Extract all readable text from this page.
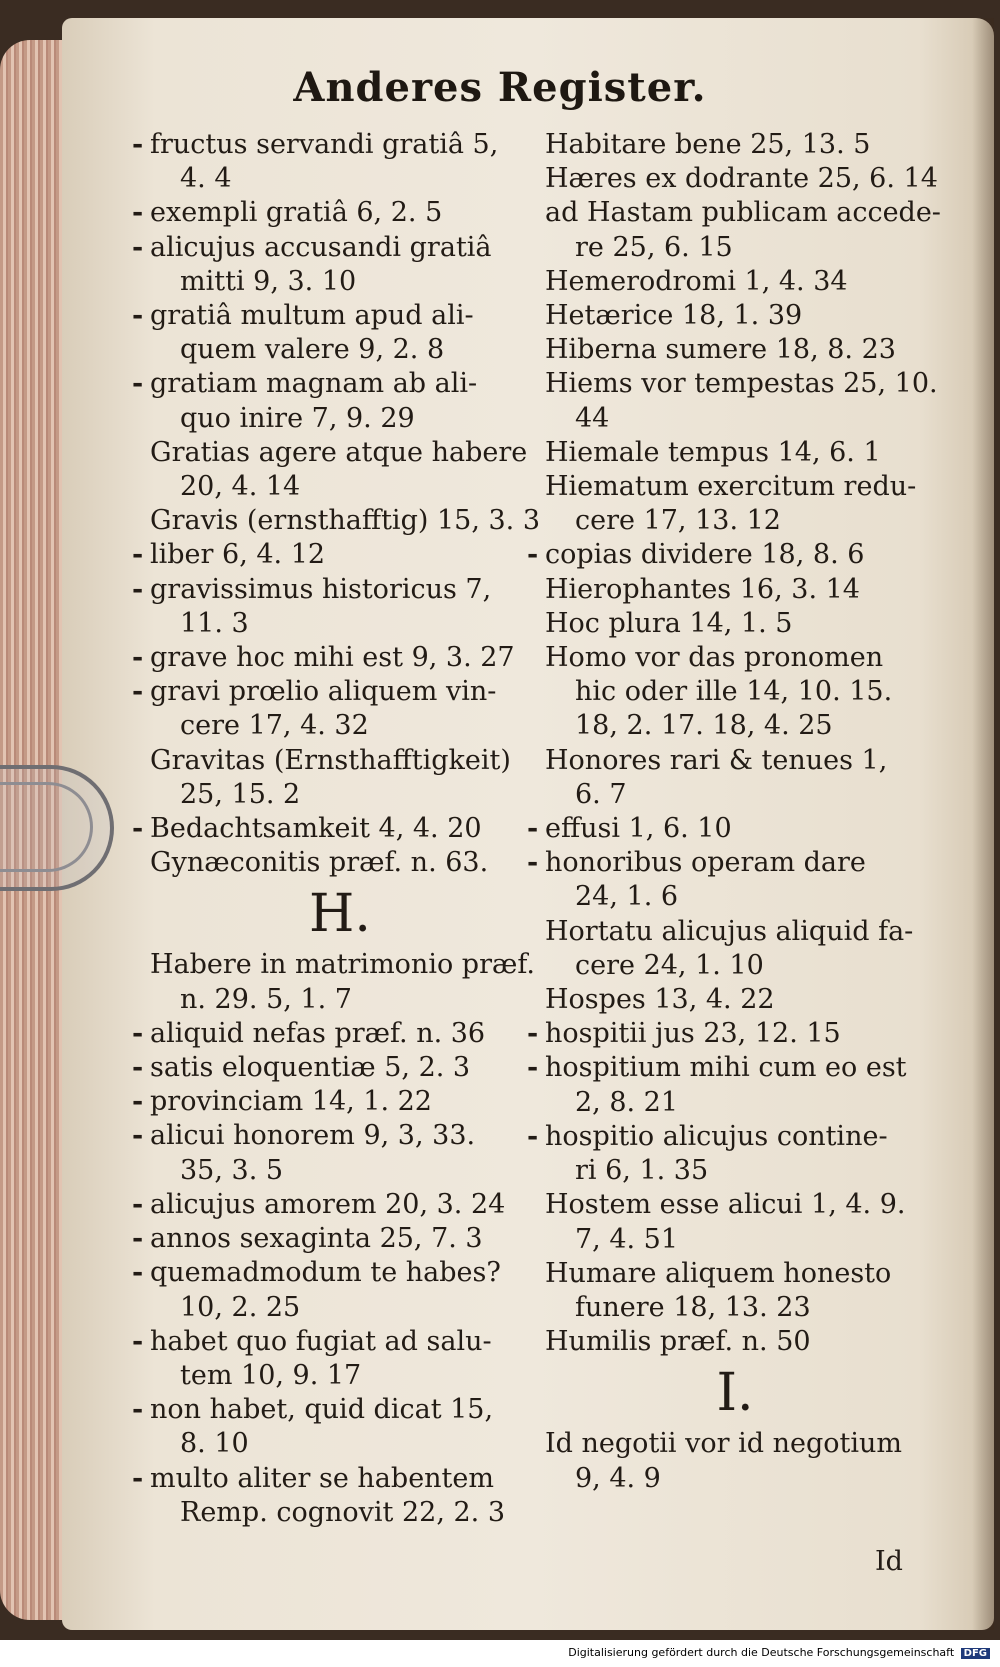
Anderes Register.
- fructus servandi gratiâ 5,
4. 4
- exempli gratiâ 6, 2. 5
- alicujus accusandi gratiâ
mitti 9, 3. 10
- gratiâ multum apud ali-
quem valere 9, 2. 8
- gratiam magnam ab ali-
quo inire 7, 9. 29
Gratias agere atque habere
20, 4. 14
Gravis (ernsthafftig) 15, 3. 3
- liber 6, 4. 12
- gravissimus historicus 7,
11. 3
- grave hoc mihi est 9, 3. 27
- gravi prœlio aliquem vin-
cere 17, 4. 32
Gravitas (Ernsthafftigkeit)
25, 15. 2
- Bedachtsamkeit 4, 4. 20
Gynæconitis præf. n. 63.
H.
Habere in matrimonio præf.
n. 29. 5, 1. 7
- aliquid nefas præf. n. 36
- satis eloquentiæ 5, 2. 3
- provinciam 14, 1. 22
- alicui honorem 9, 3, 33.
35, 3. 5
- alicujus amorem 20, 3. 24
- annos sexaginta 25, 7. 3
- quemadmodum te habes?
10, 2. 25
- habet quo fugiat ad salu-
tem 10, 9. 17
- non habet, quid dicat 15,
8. 10
- multo aliter se habentem
Remp. cognovit 22, 2. 3
Habitare bene 25, 13. 5
Hæres ex dodrante 25, 6. 14
ad Hastam publicam accede-
re 25, 6. 15
Hemerodromi 1, 4. 34
Hetærice 18, 1. 39
Hiberna sumere 18, 8. 23
Hiems vor tempestas 25, 10.
44
Hiemale tempus 14, 6. 1
Hiematum exercitum redu-
cere 17, 13. 12
- copias dividere 18, 8. 6
Hierophantes 16, 3. 14
Hoc plura 14, 1. 5
Homo vor das pronomen
hic oder ille 14, 10. 15.
18, 2. 17. 18, 4. 25
Honores rari & tenues 1,
6. 7
- effusi 1, 6. 10
- honoribus operam dare
24, 1. 6
Hortatu alicujus aliquid fa-
cere 24, 1. 10
Hospes 13, 4. 22
- hospitii jus 23, 12. 15
- hospitium mihi cum eo est
2, 8. 21
- hospitio alicujus contine-
ri 6, 1. 35
Hostem esse alicui 1, 4. 9.
7, 4. 51
Humare aliquem honesto
funere 18, 13. 23
Humilis præf. n. 50
I.
Id negotii vor id negotium
9, 4. 9
Id
Digitalisierung gefördert durch die Deutsche Forschungsgemeinschaft DFG
